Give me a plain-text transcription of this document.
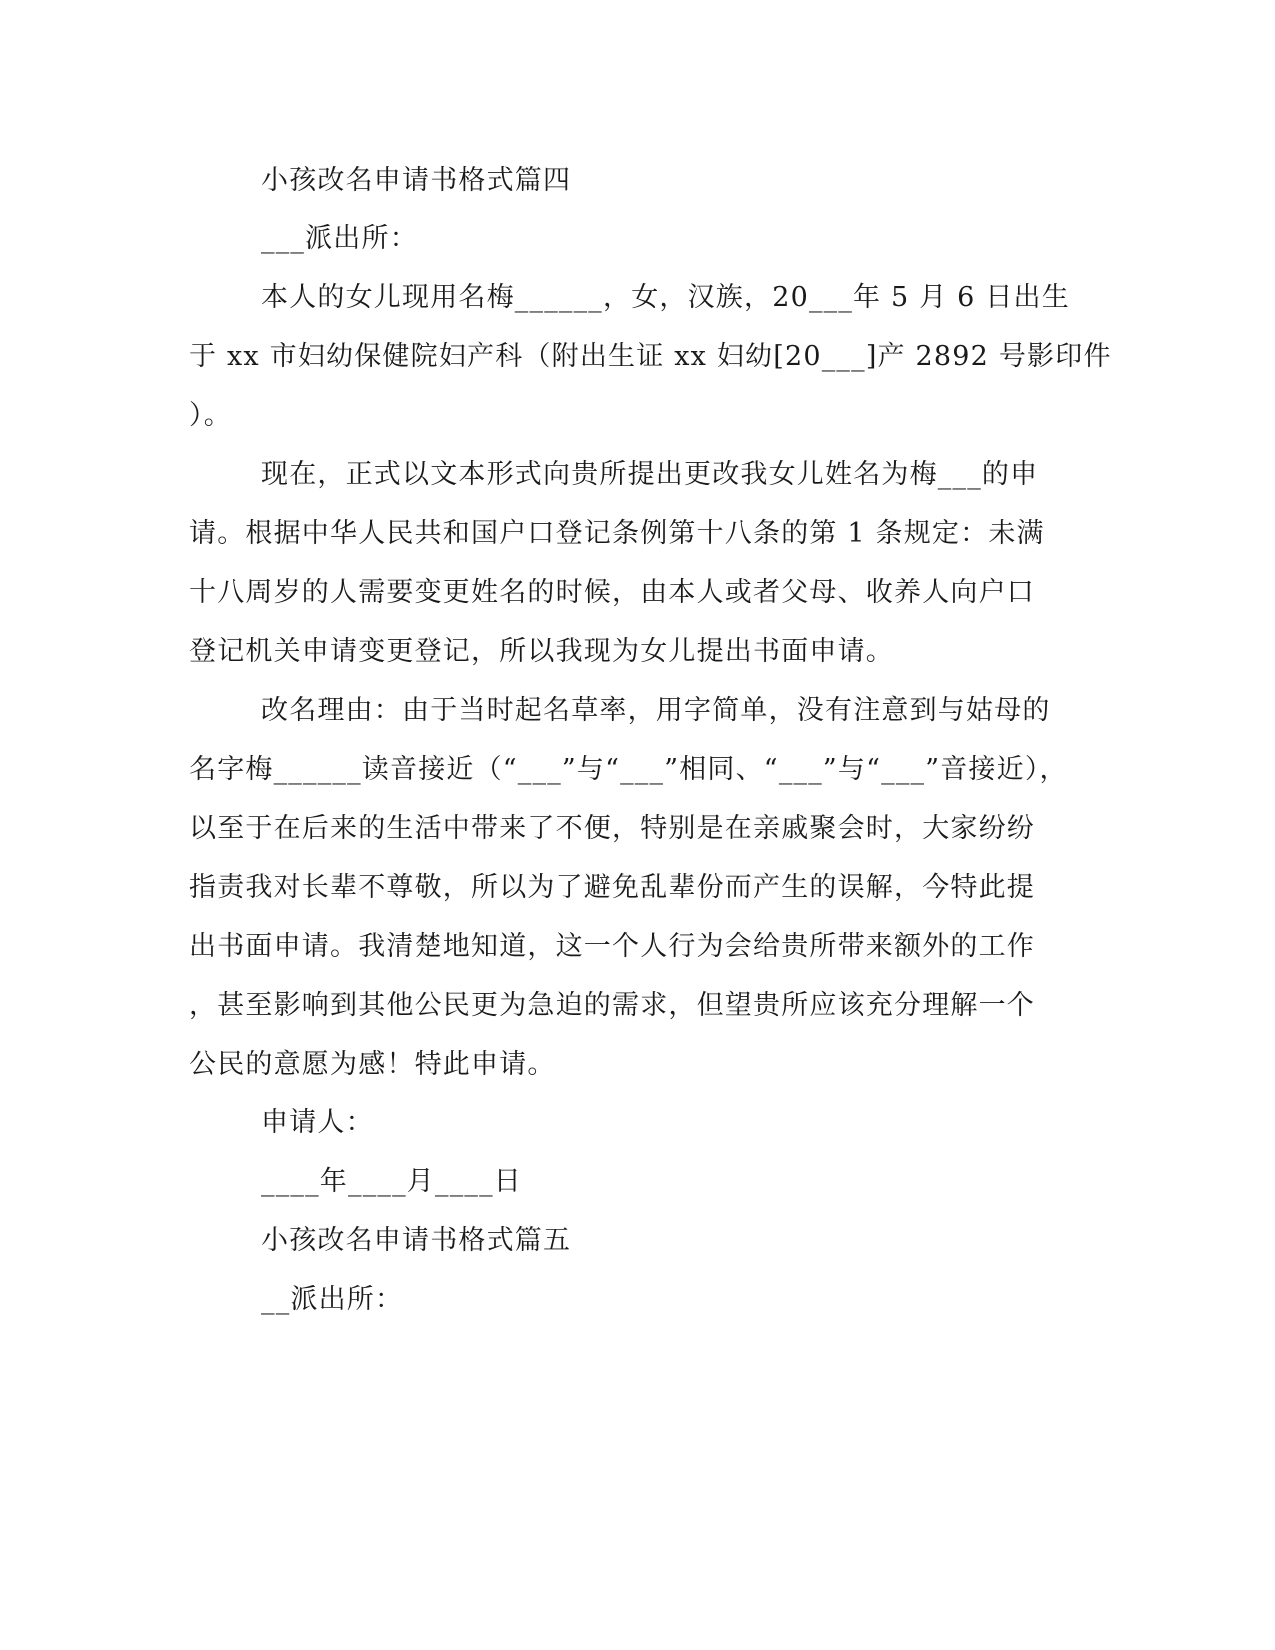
小孩改名申请书格式篇四
___派出所：
本人的女儿现用名梅______，女，汉族，20___年 5 月 6 日出生
于 xx 市妇幼保健院妇产科（附出生证 xx 妇幼[20___]产 2892 号影印件
）。
现在，正式以文本形式向贵所提出更改我女儿姓名为梅___的申
请。根据中华人民共和国户口登记条例第十八条的第 1 条规定：未满
十八周岁的人需要变更姓名的时候，由本人或者父母、收养人向户口
登记机关申请变更登记，所以我现为女儿提出书面申请。
改名理由：由于当时起名草率，用字简单，没有注意到与姑母的
名字梅______读音接近（“___”与“___”相同、“___”与“___”音接近），
以至于在后来的生活中带来了不便，特别是在亲戚聚会时，大家纷纷
指责我对长辈不尊敬，所以为了避免乱辈份而产生的误解，今特此提
出书面申请。我清楚地知道，这一个人行为会给贵所带来额外的工作
，甚至影响到其他公民更为急迫的需求，但望贵所应该充分理解一个
公民的意愿为感！特此申请。
申请人：
____年____月____日
小孩改名申请书格式篇五
__派出所：
